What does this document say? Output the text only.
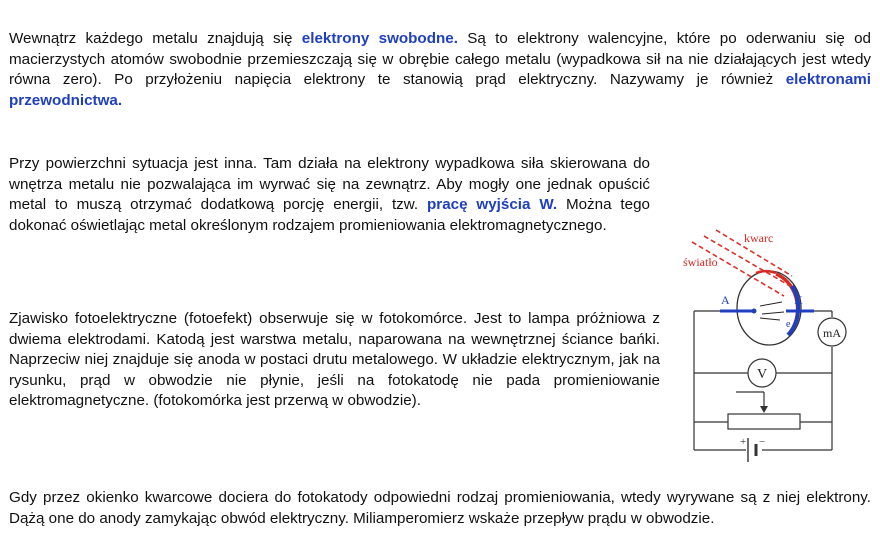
Wewnątrz każdego metalu znajdują się elektrony swobodne. Są to elektrony walencyjne, które po oderwaniu się od macierzystych atomów swobodnie przemieszczają się w obrębie całego metalu (wypadkowa sił na nie działających jest wtedy równa zero). Po przyłożeniu napięcia elektrony te stanowią prąd elektryczny. Nazywamy je również elektronami przewodnictwa.

Przy powierzchni sytuacja jest inna. Tam działa na elektrony wypadkowa siła skierowana do wnętrza metalu nie pozwalająca im wyrwać się na zewnątrz. Aby mogły one jednak opuścić metal to muszą otrzymać dodatkową porcję energii, tzw. pracę wyjścia W. Można tego dokonać oświetlając metal określonym rodzajem promieniowania elektromagnetycznego.

Zjawisko fotoelektryczne (fotoefekt) obserwuje się w fotokomórce. Jest to lampa próżniowa z dwiema elektrodami. Katodą jest warstwa metalu, naparowana na wewnętrznej ściance bańki. Naprzeciw niej znajduje się anoda w postaci drutu metalowego. W układzie elektrycznym, jak na rysunku, prąd w obwodzie nie płynie, jeśli na fotokatodę nie pada promieniowanie elektromagnetyczne. (fotokomórka jest przerwą w obwodzie).

Gdy przez okienko kwarcowe dociera do fotokatody odpowiedni rodzaj promieniowania, wtedy wyrywane są z niej elektrony. Dążą one do anody zamykając obwód elektryczny. Miliamperomierz wskaże przepływ prądu w obwodzie.

+ −
V
mA
e
kwarc
światło
A	K
